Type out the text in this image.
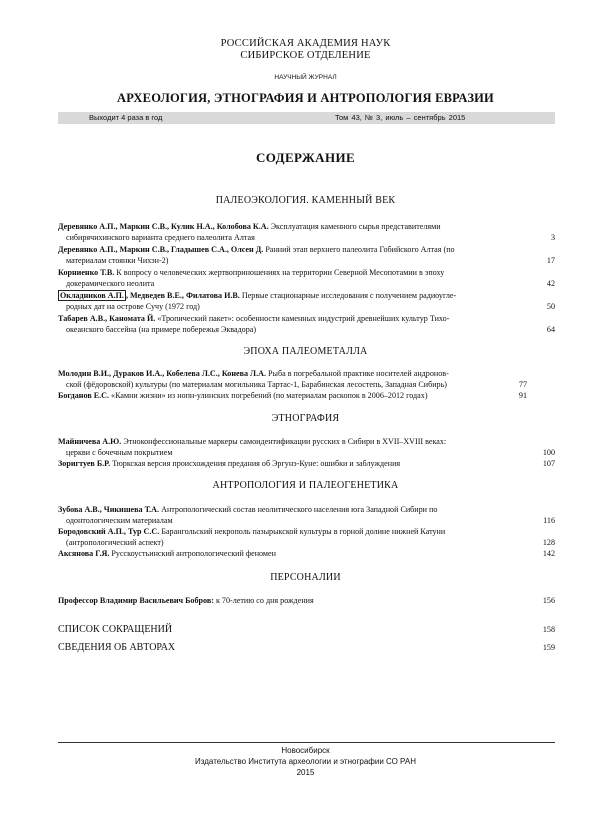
РОССИЙСКАЯ АКАДЕМИЯ НАУК
СИБИРСКОЕ ОТДЕЛЕНИЕ
НАУЧНЫЙ ЖУРНАЛ
АРХЕОЛОГИЯ, ЭТНОГРАФИЯ И АНТРОПОЛОГИЯ ЕВРАЗИИ
Выходит 4 раза в год	Том 43, № 3, июль – сентябрь 2015
СОДЕРЖАНИЕ
ПАЛЕОЭКОЛОГИЯ. КАМЕННЫЙ ВЕК
Деревянко А.П., Маркин С.В., Кулик Н.А., Колобова К.А. Эксплуатация каменного сырья представителями
сибирячихинского варианта среднего палеолита Алтая	3
Деревянко А.П., Маркин С.В., Гладышев С.А., Олсен Д. Ранний этап верхнего палеолита Гобийского Алтая (по
материалам стоянки Чихэн-2)	17
Корниенко Т.В. К вопросу о человеческих жертвоприношениях на территории Северной Месопотамии в эпоху
докерамического неолита	42
Окладников А.П. , Медведев В.Е., Филатова И.В. Первые стационарные исследования с получением радиоугле-
родных дат на острове Сучу (1972 год)	50
Табарев А.В., Каномата Й. «Тропический пакет»: особенности каменных индустрий древнейших культур Тихо-
океанского бассейна (на примере побережья Эквадора)	64
ЭПОХА ПАЛЕОМЕТАЛЛА
Молодин В.И., Дураков И.А., Кобелева Л.С., Конева Л.А. Рыба в погребальной практике носителей андронов-
ской (фёдоровской) культуры (по материалам могильника Тартас-1, Барабинская лесостепь, Западная Сибирь)	77
Богданов Е.С. «Камни жизни» из нопн-улинских погребений (по материалам раскопок в 2006–2012 годах)	91
ЭТНОГРАФИЯ
Майничева А.Ю. Этноконфессиональные маркеры самоидентификации русских в Сибири в XVII–XVIII веках:
церкви с бочечным покрытием	100
Зоригтуев Б.Р. Тюркская версия происхождения предания об Эргунэ-Куне: ошибки и заблуждения	107
АНТРОПОЛОГИЯ И ПАЛЕОГЕНЕТИКА
Зубова А.В., Чикишева Т.А. Антропологический состав неолитического населения юга Западной Сибири по
одонтологическим материалам	116
Бородовский А.П., Тур С.С. Барангольский некрополь пазырыкской культуры в горной долине нижней Катуни
(антропологический аспект)	128
Аксянова Г.Я. Русскоустьинский антропологический феномен	142
ПЕРСОНАЛИИ
Профессор Владимир Васильевич Бобров: к 70-летию со дня рождения	156
СПИСОК СОКРАЩЕНИЙ	158
СВЕДЕНИЯ ОБ АВТОРАХ	159
Новосибирск
Издательство Института археологии и этнографии СО РАН
2015
